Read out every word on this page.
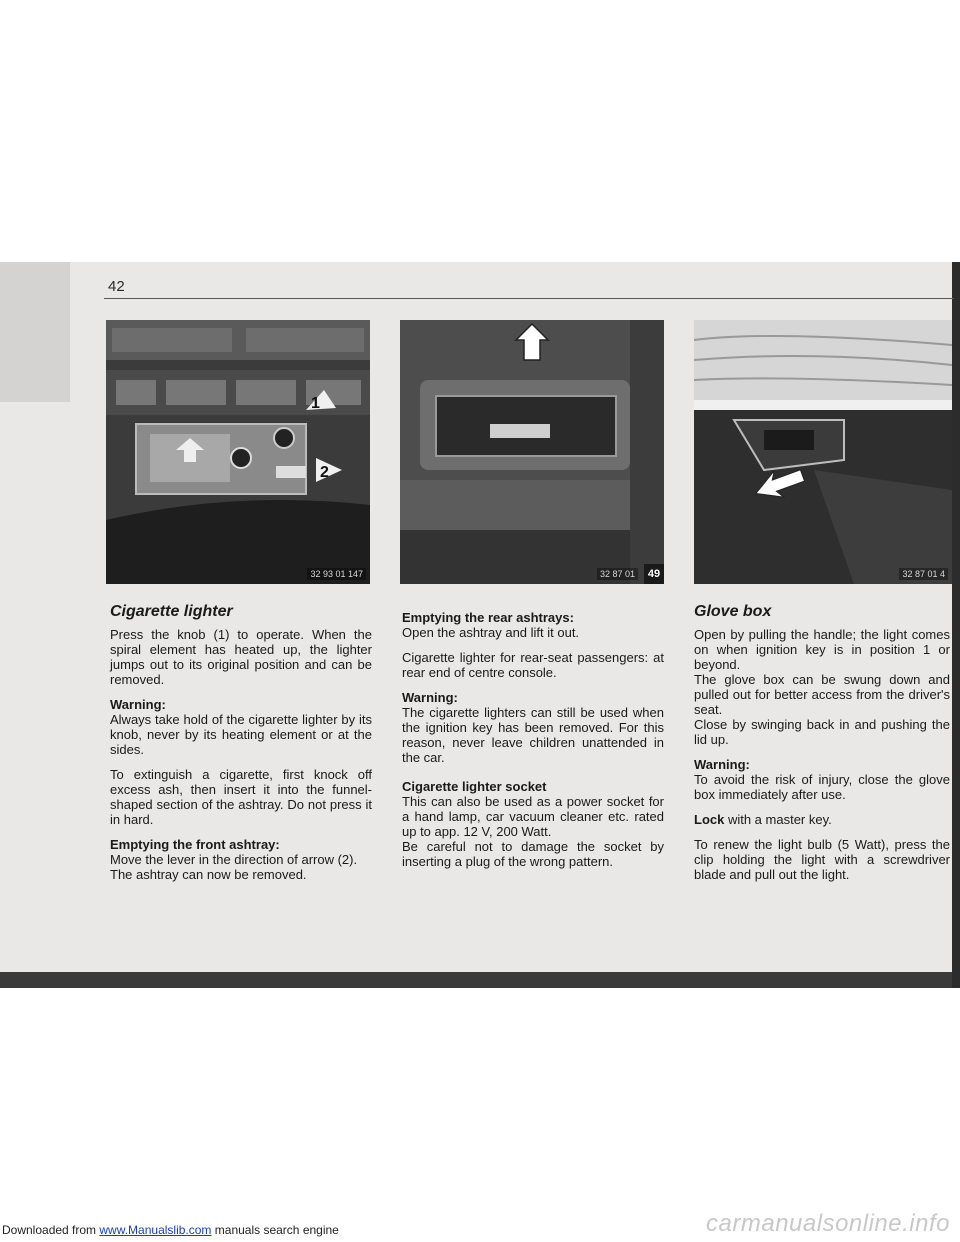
42
1
2
32 93 01 147	32 87 01	49	32 87 01 4
Cigarette lighter

Press the knob (1) to operate. When the spiral element has heated up, the lighter jumps out to its original position and can be removed.

Warning:

Always take hold of the cigarette lighter by its knob, never by its heating element or at the sides.

To extinguish a cigarette, first knock off excess ash, then insert it into the funnel-shaped section of the ashtray. Do not press it in hard.

Emptying the front ashtray:

Move the lever in the direction of arrow (2). The ashtray can now be removed.

Emptying the rear ashtrays:

Open the ashtray and lift it out.

Cigarette lighter for rear-seat passengers: at rear end of centre console.

Warning:

The cigarette lighters can still be used when the ignition key has been removed. For this reason, never leave children unattended in the car.

Cigarette lighter socket

This can also be used as a power socket for a hand lamp, car vacuum cleaner etc. rated up to app. 12 V, 200 Watt.

Be careful not to damage the socket by inserting a plug of the wrong pattern.

Glove box

Open by pulling the handle; the light comes on when ignition key is in position 1 or beyond.

The glove box can be swung down and pulled out for better access from the driver's seat.

Close by swinging back in and pushing the lid up.

Warning:

To avoid the risk of injury, close the glove box immediately after use.

Lock with a master key.

To renew the light bulb (5 Watt), press the clip holding the light with a screwdriver blade and pull out the light.

Downloaded from www.Manualslib.com manuals search engine	carmanualsonline.info
